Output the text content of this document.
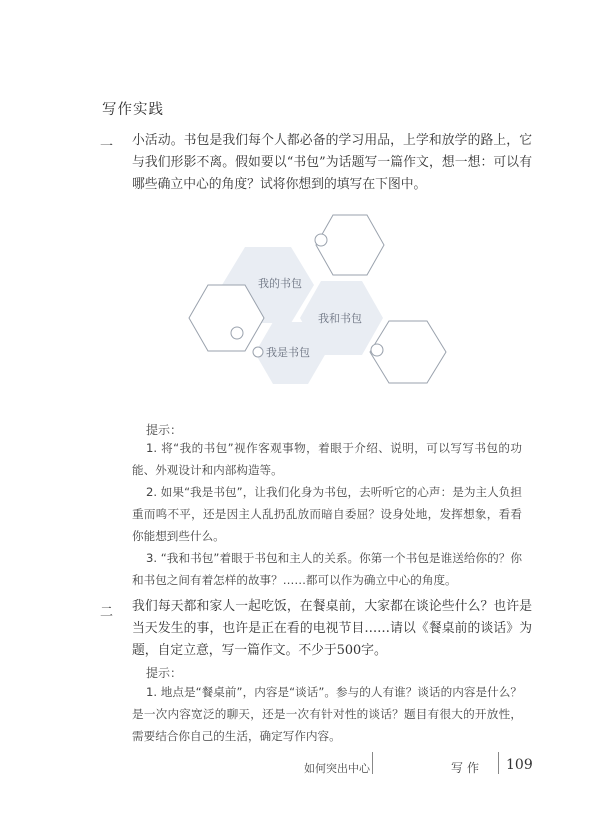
写作实践
一 小活动。书包是我们每个人都必备的学习用品，上学和放学的路上，它与我们形影不离。假如要以“书包”为话题写一篇作文，想一想：可以有哪些确立中心的角度？试将你想到的填写在下图中。
我的书包
我和书包
我是书包
提示：
1. 将“我的书包”视作客观事物，着眼于介绍、说明，可以写写书包的功能、外观设计和内部构造等。
2. 如果“我是书包”，让我们化身为书包，去听听它的心声：是为主人负担重而鸣不平，还是因主人乱扔乱放而暗自委屈？设身处地，发挥想象，看看你能想到些什么。
3. “我和书包”着眼于书包和主人的关系。你第一个书包是谁送给你的？你和书包之间有着怎样的故事？……都可以作为确立中心的角度。
二 我们每天都和家人一起吃饭，在餐桌前，大家都在谈论些什么？也许是当天发生的事，也许是正在看的电视节目……请以《餐桌前的谈话》为题，自定立意，写一篇作文。不少于500字。
提示：
1. 地点是“餐桌前”，内容是“谈话”。参与的人有谁？谈话的内容是什么？是一次内容宽泛的聊天，还是一次有针对性的谈话？题目有很大的开放性，需要结合你自己的生活，确定写作内容。
如何突出中心	写作 109
